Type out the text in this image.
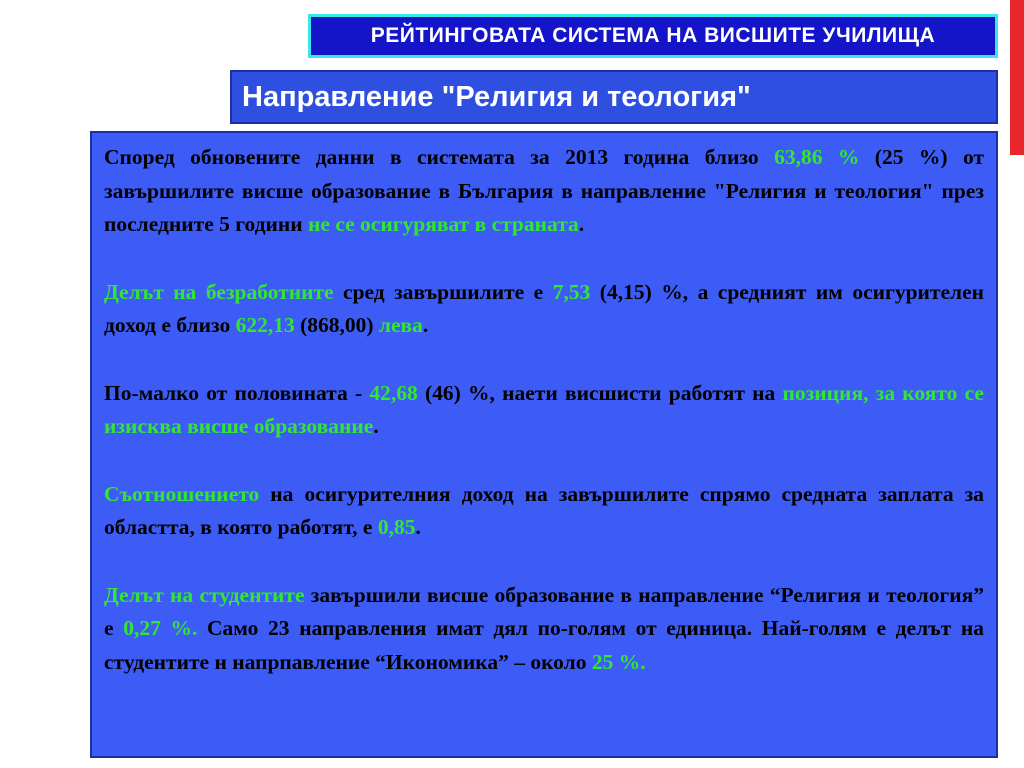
РЕЙТИНГОВАТА СИСТЕМА НА ВИСШИТЕ УЧИЛИЩА
Направление "Религия и теология"

Според обновените данни в системата за 2013 година близо 63,86 % (25 %) от завършилите висше образование в България в направление "Религия и теология" през последните 5 години не се осигуряват в страната.

Делът на безработните сред завършилите е 7,53 (4,15) %, а средният им осигурителен доход е близо 622,13 (868,00) лева.

По-малко от половината - 42,68 (46) %, наети висшисти работят на позиция, за която се изисква висше образование.

Съотношението на осигурителния доход на завършилите спрямо средната заплата за областта, в която работят, е 0,85.

Делът на студентите завършили висше образование в направление “Религия и теология” е 0,27 %. Само 23 направления имат дял по-голям от единица. Най-голям е делът на студентите н напрпавление “Икономика” – около 25 %.
